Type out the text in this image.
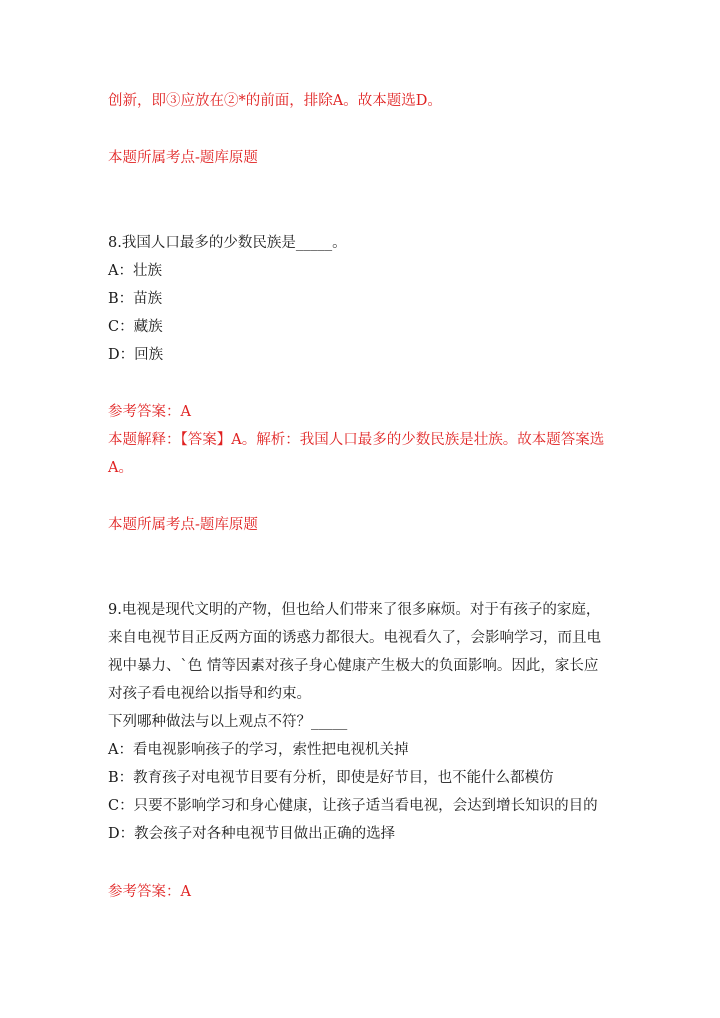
创新，即③应放在②*的前面，排除A。故本题选D。
本题所属考点-题库原题
8.我国人口最多的少数民族是_____。
A：壮族
B：苗族
C：藏族
D：回族
参考答案：A
本题解释：【答案】A。解析：我国人口最多的少数民族是壮族。故本题答案选
A。
本题所属考点-题库原题
9.电视是现代文明的产物，但也给人们带来了很多麻烦。对于有孩子的家庭，
来自电视节目正反两方面的诱惑力都很大。电视看久了，会影响学习，而且电
视中暴力、`色 情等因素对孩子身心健康产生极大的负面影响。因此，家长应
对孩子看电视给以指导和约束。
下列哪种做法与以上观点不符？_____
A：看电视影响孩子的学习，索性把电视机关掉
B：教育孩子对电视节目要有分析，即使是好节目，也不能什么都模仿
C：只要不影响学习和身心健康，让孩子适当看电视，会达到增长知识的目的
D：教会孩子对各种电视节目做出正确的选择
参考答案：A
